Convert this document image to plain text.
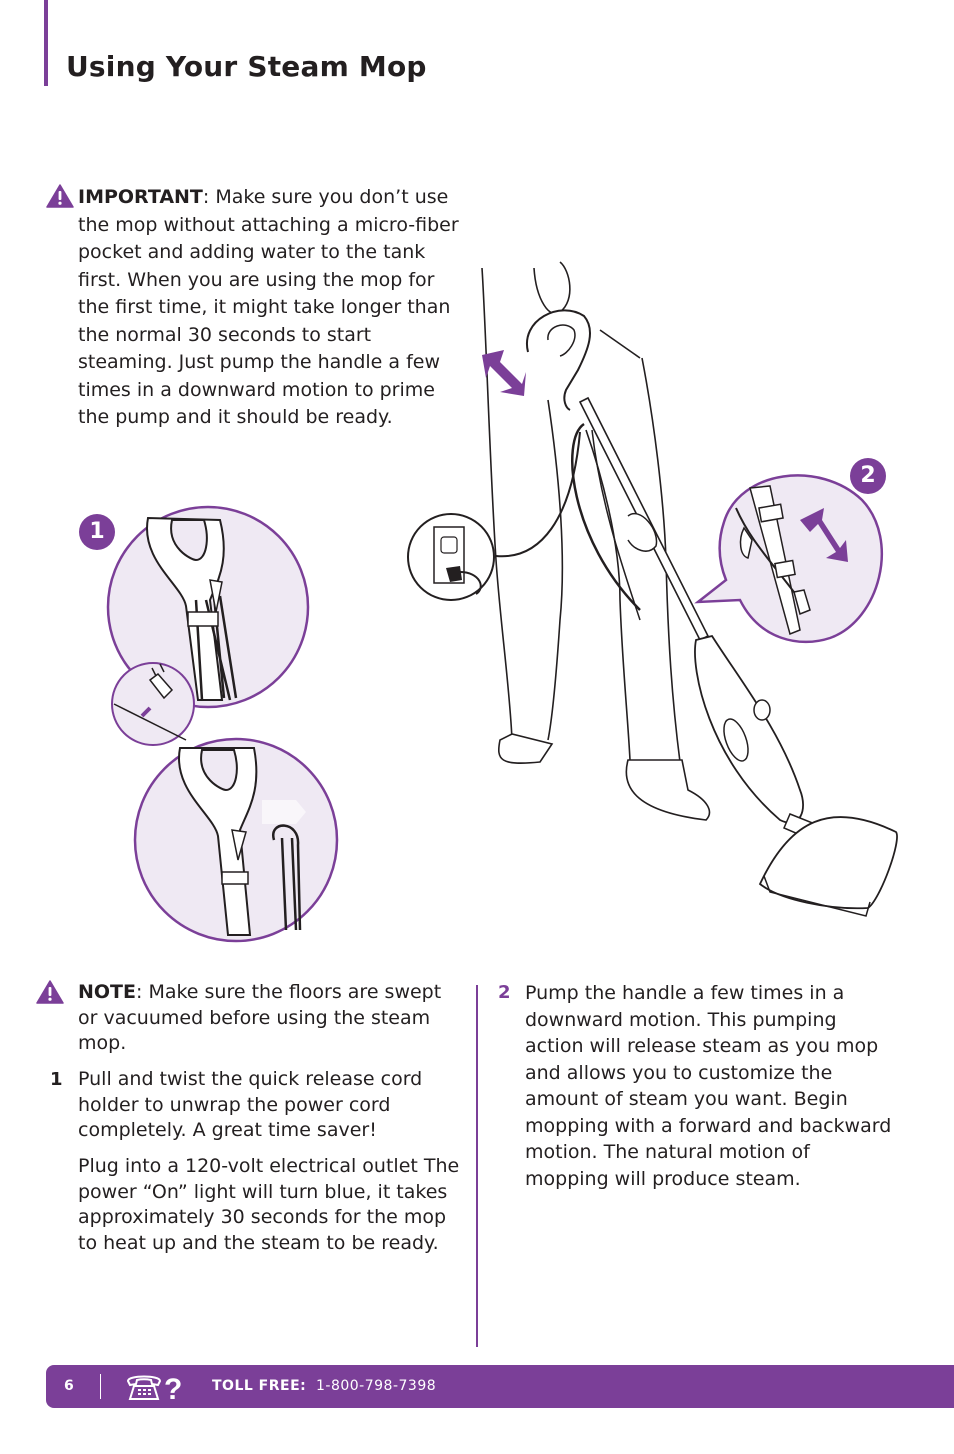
Using Your Steam Mop

IMPORTANT: Make sure you don’t use the mop without attaching a micro-fiber pocket and adding water to the tank first. When you are using the mop for the first time, it might take longer than the normal 30 seconds to start steaming. Just pump the handle a few times in a downward motion to prime the pump and it should be ready.

1
2

NOTE: Make sure the floors are swept or vacuumed before using the steam mop.

1 Pull and twist the quick release cord holder to unwrap the power cord completely. A great time saver!

Plug into a 120-volt electrical outlet The power “On” light will turn blue, it takes approximately 30 seconds for the mop to heat up and the steam to be ready.

2 Pump the handle a few times in a downward motion. This pumping action will release steam as you mop and allows you to customize the amount of steam you want. Begin mopping with a forward and backward motion. The natural motion of mopping will produce steam.

6	? TOLL FREE: 1-800-798-7398
